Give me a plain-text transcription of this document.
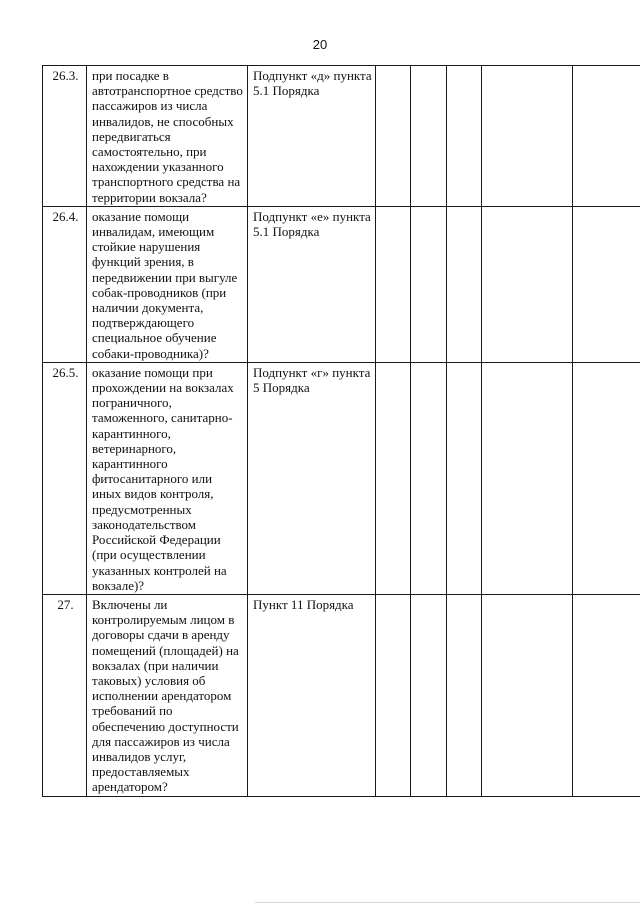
20
26.3.	при посадке в автотранспортное средство пассажиров из числа инвалидов, не способных передвигаться самостоятельно, при нахождении указанного транспортного средства на территории вокзала?	Подпункт «д» пункта 5.1 Порядка					
26.4.	оказание помощи инвалидам, имеющим стойкие нарушения функций зрения, в передвижении при выгуле собак-проводников (при наличии документа, подтверждающего специальное обучение собаки-проводника)?	Подпункт «е» пункта 5.1 Порядка					
26.5.	оказание помощи при прохождении на вокзалах пограничного, таможенного, санитарно-карантинного, ветеринарного, карантинного фитосанитарного или иных видов контроля, предусмотренных законодательством Российской Федерации (при осуществлении указанных контролей на вокзале)?	Подпункт «г» пункта 5 Порядка					
27.	Включены ли контролируемым лицом в договоры сдачи в аренду помещений (площадей) на вокзалах (при наличии таковых) условия об исполнении арендатором требований по обеспечению доступности для пассажиров из числа инвалидов услуг, предоставляемых арендатором?	Пункт 11 Порядка					
